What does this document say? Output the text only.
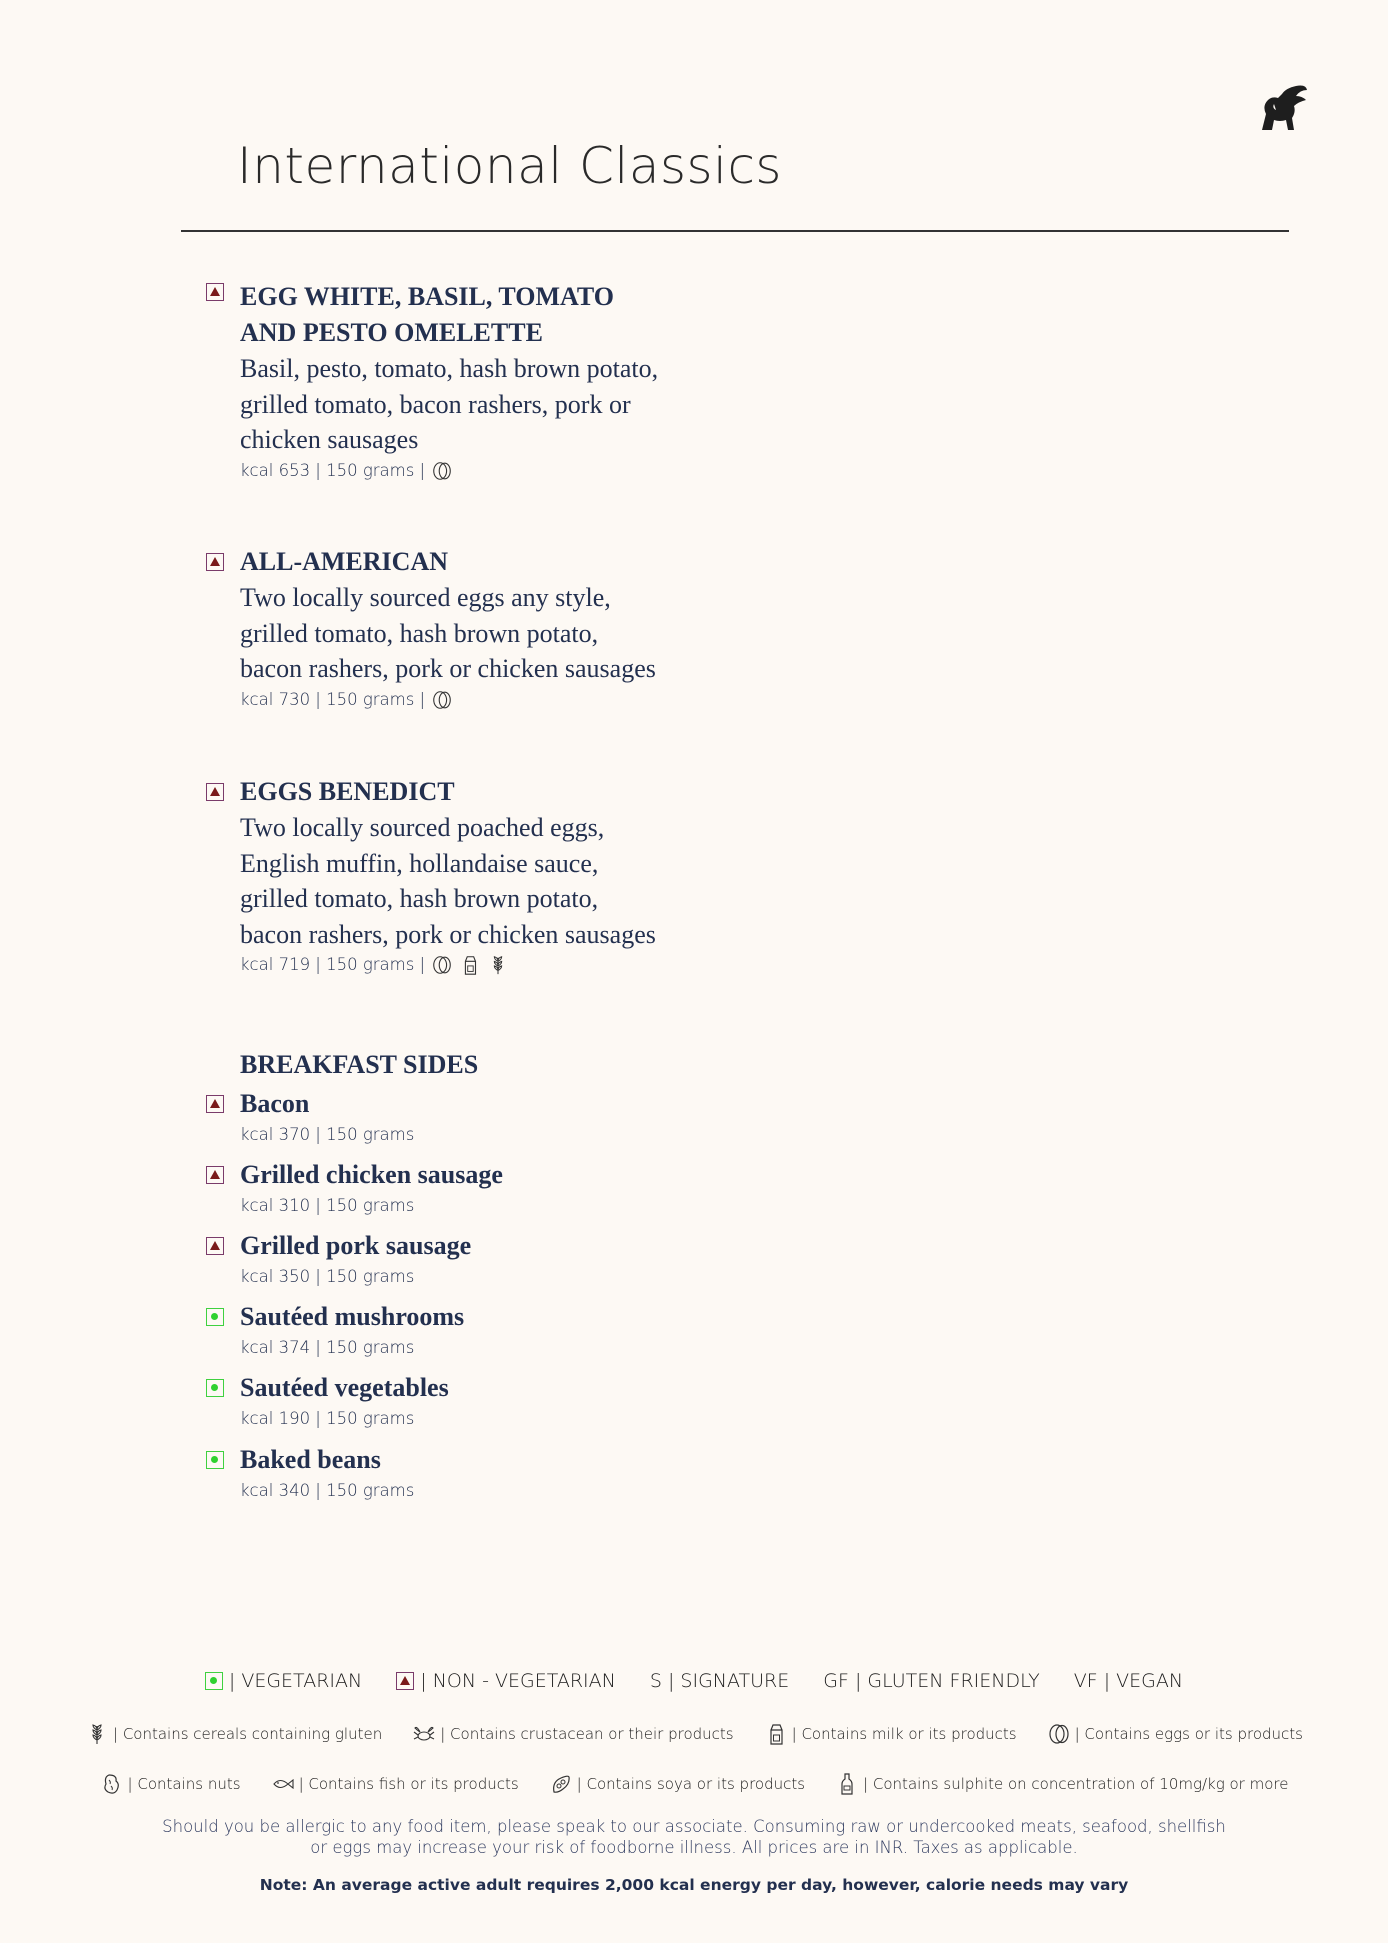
International Classics
EGG WHITE, BASIL, TOMATO
AND PESTO OMELETTE
Basil, pesto, tomato, hash brown potato,
grilled tomato, bacon rashers, pork or
chicken sausages
kcal 653 | 150 grams |
ALL-AMERICAN
Two locally sourced eggs any style,
grilled tomato, hash brown potato,
bacon rashers, pork or chicken sausages
kcal 730 | 150 grams |
EGGS BENEDICT
Two locally sourced poached eggs,
English muffin, hollandaise sauce,
grilled tomato, hash brown potato,
bacon rashers, pork or chicken sausages
kcal 719 | 150 grams |
BREAKFAST SIDES
Bacon
kcal 370 | 150 grams
Grilled chicken sausage
kcal 310 | 150 grams
Grilled pork sausage
kcal 350 | 150 grams
Sautéed mushrooms
kcal 374 | 150 grams
Sautéed vegetables
kcal 190 | 150 grams
Baked beans
kcal 340 | 150 grams
| VEGETARIAN	| NON - VEGETARIAN S | SIGNATURE GF | GLUTEN FRIENDLY VF | VEGAN
| Contains cereals containing gluten	| Contains crustacean or their products	| Contains milk or its products	| Contains eggs or its products
| Contains nuts	| Contains fish or its products	| Contains soya or its products	| Contains sulphite on concentration of 10mg/kg or more
Should you be allergic to any food item, please speak to our associate. Consuming raw or undercooked meats, seafood, shellfish
or eggs may increase your risk of foodborne illness. All prices are in INR. Taxes as applicable.
Note: An average active adult requires 2,000 kcal energy per day, however, calorie needs may vary
